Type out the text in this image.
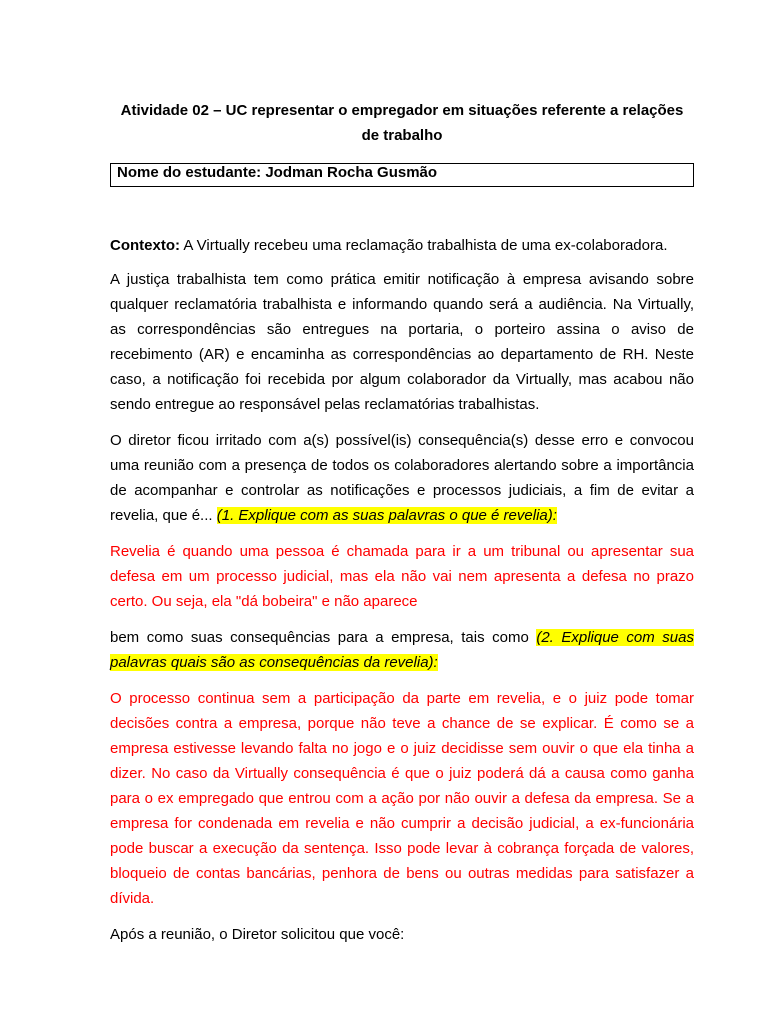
Atividade 02 – UC representar o empregador em situações referente a relações de trabalho

Nome do estudante: Jodman Rocha Gusmão

Contexto: A Virtually recebeu uma reclamação trabalhista de uma ex-colaboradora.

A justiça trabalhista tem como prática emitir notificação à empresa avisando sobre qualquer reclamatória trabalhista e informando quando será a audiência. Na Virtually, as correspondências são entregues na portaria, o porteiro assina o aviso de recebimento (AR) e encaminha as correspondências ao departamento de RH. Neste caso, a notificação foi recebida por algum colaborador da Virtually, mas acabou não sendo entregue ao responsável pelas reclamatórias trabalhistas.

O diretor ficou irritado com a(s) possível(is) consequência(s) desse erro e convocou uma reunião com a presença de todos os colaboradores alertando sobre a importância de acompanhar e controlar as notificações e processos judiciais, a fim de evitar a revelia, que é... (1. Explique com as suas palavras o que é revelia):

Revelia é quando uma pessoa é chamada para ir a um tribunal ou apresentar sua defesa em um processo judicial, mas ela não vai nem apresenta a defesa no prazo certo. Ou seja, ela "dá bobeira" e não aparece

bem como suas consequências para a empresa, tais como (2. Explique com suas palavras quais são as consequências da revelia):

O processo continua sem a participação da parte em revelia, e o juiz pode tomar decisões contra a empresa, porque não teve a chance de se explicar. É como se a empresa estivesse levando falta no jogo e o juiz decidisse sem ouvir o que ela tinha a dizer. No caso da Virtually consequência é que o juiz poderá dá a causa como ganha para o ex empregado que entrou com a ação por não ouvir a defesa da empresa. Se a empresa for condenada em revelia e não cumprir a decisão judicial, a ex-funcionária pode buscar a execução da sentença. Isso pode levar à cobrança forçada de valores, bloqueio de contas bancárias, penhora de bens ou outras medidas para satisfazer a dívida.

Após a reunião, o Diretor solicitou que você:
